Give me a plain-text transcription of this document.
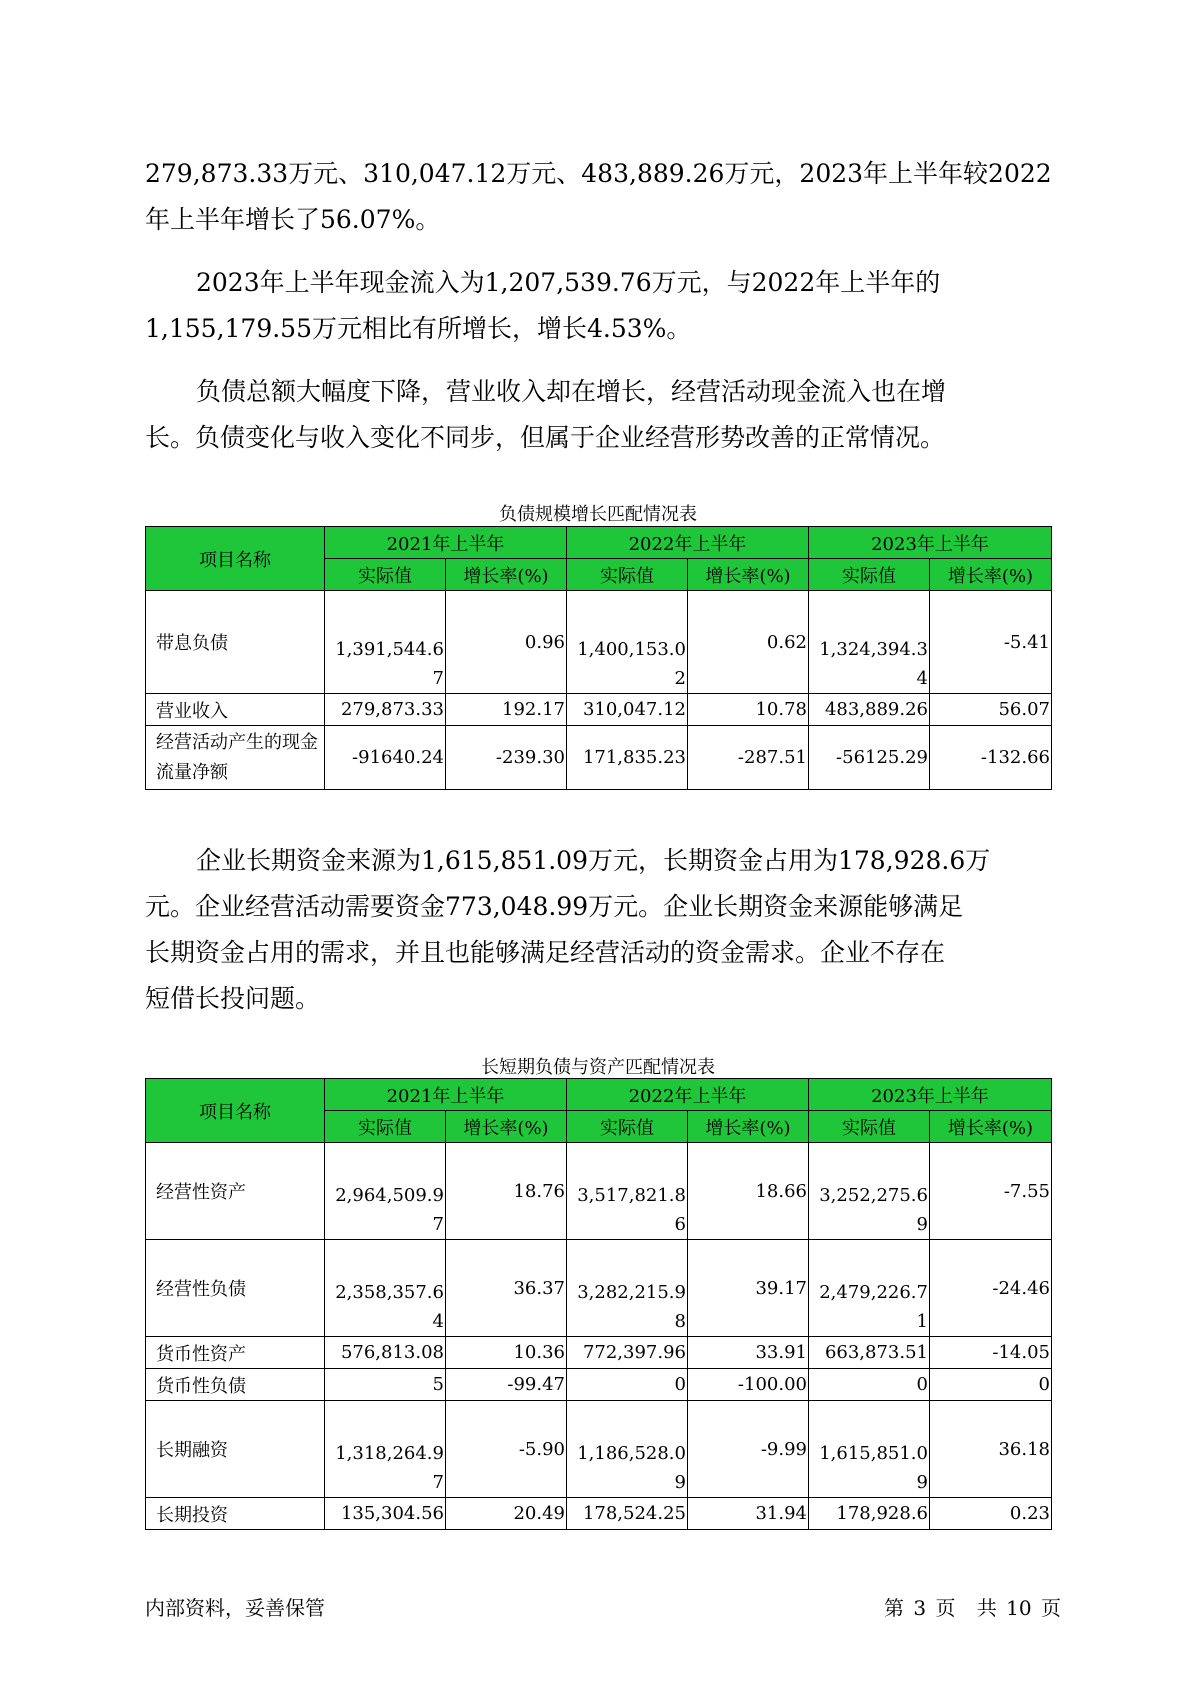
279,873.33万元、310,047.12万元、483,889.26万元，2023年上半年较2022
年上半年增长了56.07%。

2023年上半年现金流入为1,207,539.76万元，与2022年上半年的
1,155,179.55万元相比有所增长，增长4.53%。

负债总额大幅度下降，营业收入却在增长，经营活动现金流入也在增
长。负债变化与收入变化不同步，但属于企业经营形势改善的正常情况。

负债规模增长匹配情况表

项目名称	2021年上半年		2022年上半年		2023年上半年	
	实际值	增长率(%)	实际值	增长率(%)	实际值	增长率(%)
带息负债	1,391,544.67	0.96	1,400,153.02	0.62	1,324,394.34	-5.41
营业收入	279,873.33	192.17	310,047.12	10.78	483,889.26	56.07
经营活动产生的现金流量净额	-91640.24	-239.30	171,835.23	-287.51	-56125.29	-132.66

企业长期资金来源为1,615,851.09万元，长期资金占用为178,928.6万
元。企业经营活动需要资金773,048.99万元。企业长期资金来源能够满足
长期资金占用的需求，并且也能够满足经营活动的资金需求。企业不存在
短借长投问题。

长短期负债与资产匹配情况表

项目名称	2021年上半年		2022年上半年		2023年上半年	
	实际值	增长率(%)	实际值	增长率(%)	实际值	增长率(%)
经营性资产	2,964,509.97	18.76	3,517,821.86	18.66	3,252,275.69	-7.55
经营性负债	2,358,357.64	36.37	3,282,215.98	39.17	2,479,226.71	-24.46
货币性资产	576,813.08	10.36	772,397.96	33.91	663,873.51	-14.05
货币性负债	5	-99.47	0	-100.00	0	0
长期融资	1,318,264.97	-5.90	1,186,528.09	-9.99	1,615,851.09	36.18
长期投资	135,304.56	20.49	178,524.25	31.94	178,928.6	0.23
内部资料，妥善保管	第 3 页 共 10 页
